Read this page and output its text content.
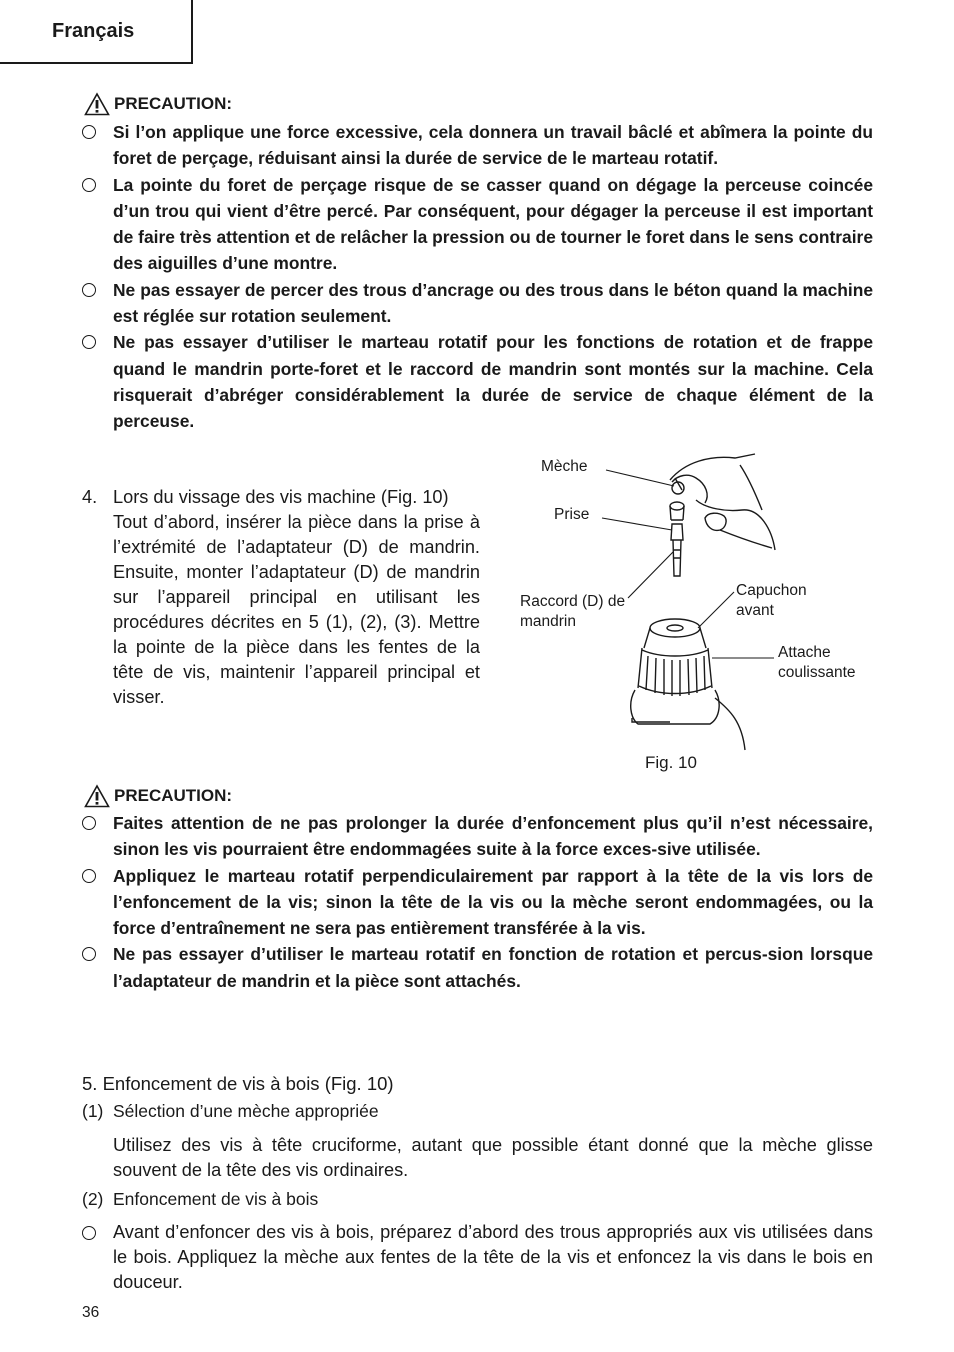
Français
PRECAUTION:
Si l’on applique une force excessive, cela donnera un travail bâclé et abîmera la pointe du foret de perçage, réduisant ainsi la durée de service de le marteau rotatif.
La pointe du foret de perçage risque de se casser quand on dégage la perceuse coincée d’un trou qui vient d’être percé. Par conséquent, pour dégager la perceuse il est important de faire très attention et de relâcher la pression ou de tourner le foret dans le sens contraire des aiguilles d’une montre.
Ne pas essayer de percer des trous d’ancrage ou des trous dans le béton quand la machine est réglée sur rotation seulement.
Ne pas essayer d’utiliser le marteau rotatif pour les fonctions de rotation et de frappe quand le mandrin porte-foret et le raccord de mandrin sont montés sur la machine. Cela risquerait d’abréger considérablement la durée de service de chaque élément de la perceuse.
4. Lors du vissage des vis machine (Fig. 10)
Tout d’abord, insérer la pièce dans la prise à l’extrémité de l’adaptateur (D) de mandrin. Ensuite, monter l’adaptateur (D) de mandrin sur l’appareil principal en utilisant les procédures décrites en 5 (1), (2), (3). Mettre la pointe de la pièce dans les fentes de la tête de vis, maintenir l’appareil principal et visser.
Mèche
Prise
Raccord (D) de mandrin
Capuchon avant
Attache coulissante
Fig. 10
PRECAUTION:
Faites attention de ne pas prolonger la durée d’enfoncement plus qu’il n’est nécessaire, sinon les vis pourraient être endommagées suite à la force exces-sive utilisée.
Appliquez le marteau rotatif perpendiculairement par rapport à la tête de la vis lors de l’enfoncement de la vis; sinon la tête de la vis ou la mèche seront endommagées, ou la force d’entraînement ne sera pas entièrement transférée à la vis.
Ne pas essayer d’utiliser le marteau rotatif en fonction de rotation et percus-sion lorsque l’adaptateur de mandrin et la pièce sont attachés.
5. Enfoncement de vis à bois (Fig. 10)
(1) Sélection d’une mèche appropriée
Utilisez des vis à tête cruciforme, autant que possible étant donné que la mèche glisse souvent de la tête des vis ordinaires.
(2) Enfoncement de vis à bois
Avant d’enfoncer des vis à bois, préparez d’abord des trous appropriés aux vis utilisées dans le bois. Appliquez la mèche aux fentes de la tête de la vis et enfoncez la vis dans le bois en douceur.
36
